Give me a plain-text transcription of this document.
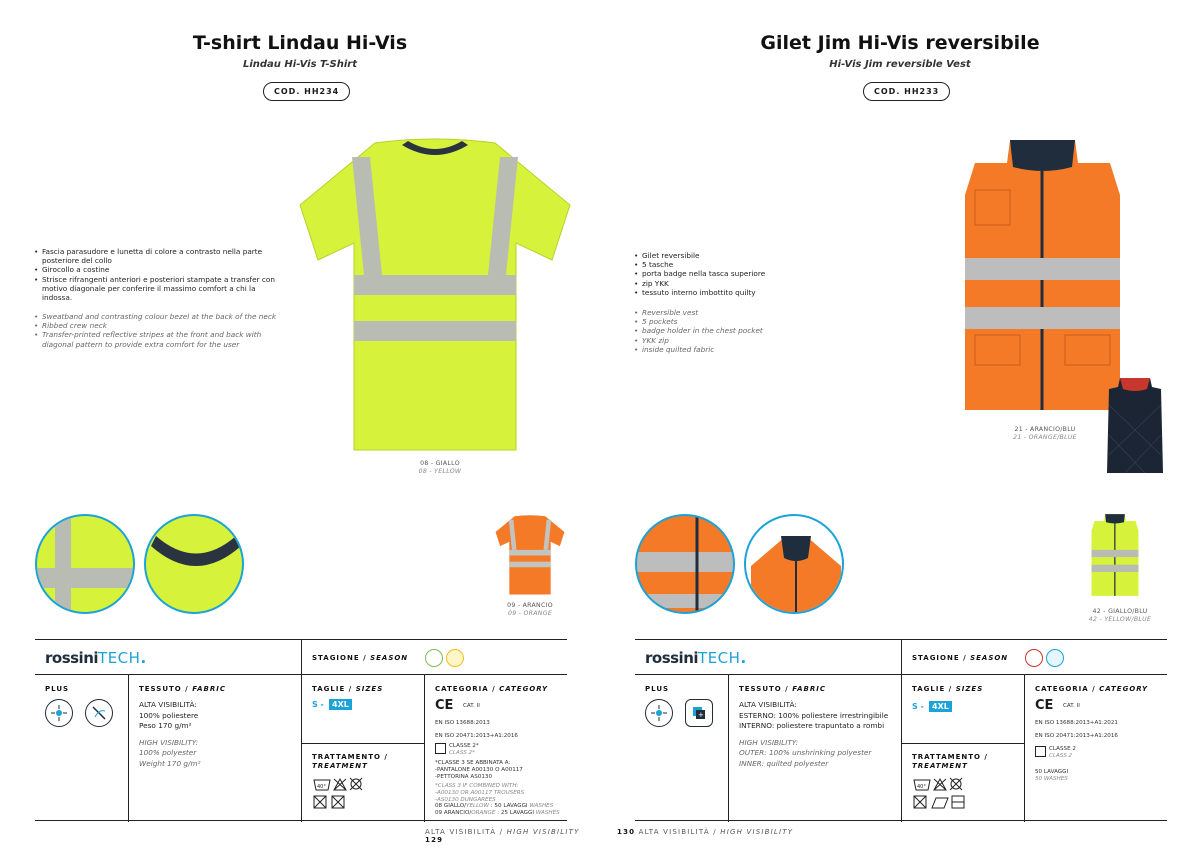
T-shirt Lindau Hi-Vis
Lindau Hi-Vis T-Shirt
COD. HH234
• Fascia parasudore e lunetta di colore a contrasto nella parte posteriore del collo
• Girocollo a costine
• Strisce rifrangenti anteriori e posteriori stampate a transfer con motivo diagonale per conferire il massimo comfort a chi la indossa.
• Sweatband and contrasting colour bezel at the back of the neck
• Ribbed crew neck
• Transfer-printed reflective stripes at the front and back with diagonal pattern to provide extra comfort for the user
08 - GIALLO
08 - YELLOW
09 - ARANCIO
09 - ORANGE
rossiniTECH.	STAGIONE / SEASON
PLUS	TESSUTO / FABRIC
ALTA VISIBILITÀ:
100% poliestere
Peso 170 g/m²
HIGH VISIBILITY:
100% polyester
Weight 170 g/m²
TAGLIE / SIZES
S -	4XL
TRATTAMENTO /
TREATMENT
40°
CATEGORIA / CATEGORY
CE CAT. II
EN ISO 13688:2013
EN ISO 20471:2013+A1:2016
CLASSE 2*
CLASS 2*
*CLASSE 3 SE ABBINATA A:
-PANTALONE A00130 O A00117
-PETTORINA AS0130
*CLASS 3 IF COMBINED WITH:
-A00130 OR A00117 TROUSERS
-AS0130 DUNGAREES
08 GIALLO/YELLOW : 50 LAVAGGI WASHES
09 ARANCIO/ORANGE : 25 LAVAGGI WASHES
ALTA VISIBILITÀ / HIGH VISIBILITY 129
Gilet Jim Hi-Vis reversibile
Hi-Vis Jim reversible Vest
COD. HH233
• Gilet reversibile
• 5 tasche
• porta badge nella tasca superiore
• zip YKK
• tessuto interno imbottito quilty
• Reversible vest
• 5 pockets
• badge holder in the chest pocket
• YKK zip
• inside quilted fabric
21 - ARANCIO/BLU
21 - ORANGE/BLUE
42 - GIALLO/BLU
42 - YELLOW/BLUE
rossiniTECH.	STAGIONE / SEASON
PLUS
+
TESSUTO / FABRIC
ALTA VISIBILITÀ:
ESTERNO: 100% poliestere irrestringibile
INTERNO: poliestere trapuntato a rombi
HIGH VISIBILITY:
OUTER: 100% unshrinking polyester
INNER: quilted polyester
TAGLIE / SIZES
S -	4XL
TRATTAMENTO /
TREATMENT
40°
CATEGORIA / CATEGORY
CE CAT. II
EN ISO 13688:2013+A1:2021
EN ISO 20471:2013+A1:2016
CLASSE 2
CLASS 2
50 LAVAGGI
50 WASHES
130 ALTA VISIBILITÀ / HIGH VISIBILITY
